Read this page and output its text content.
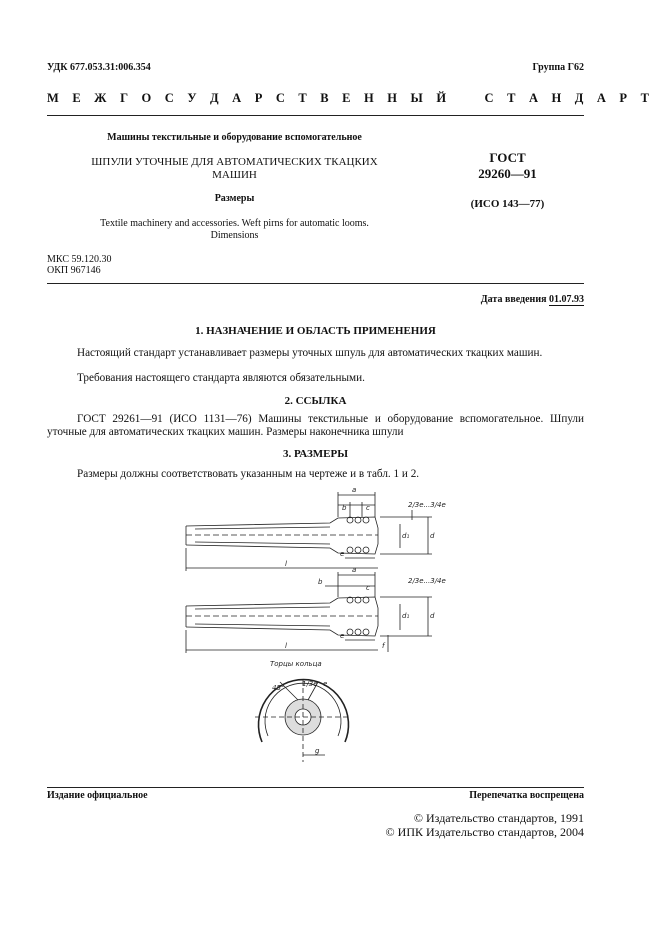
УДК 677.053.31:006.354	Группа Г62
М Е Ж Г О С У Д А Р С Т В Е Н Н Ы Й    С Т А Н Д А Р Т
Машины текстильные и оборудование вспомогательное
ШПУЛИ УТОЧНЫЕ ДЛЯ АВТОМАТИЧЕСКИХ ТКАЦКИХ
МАШИН
Размеры
Textile machinery and accessories. Weft pirns for automatic looms.
Dimensions
ГОСТ
29260—91
(ИСО 143—77)
МКС 59.120.30
ОКП 967146
Дата введения 01.07.93
1. НАЗНАЧЕНИЕ И ОБЛАСТЬ ПРИМЕНЕНИЯ
Настоящий стандарт устанавливает размеры уточных шпуль для автоматических ткацких машин.
Требования настоящего стандарта являются обязательными.
2. ССЫЛКА
ГОСТ 29261—91 (ИСО 1131—76) Машины текстильные и оборудование вспомогательное. Шпули уточные для автоматических ткацких машин. Размеры наконечника шпули
3. РАЗМЕРЫ
Размеры должны соответствовать указанным на чертеже и в табл. 1 и 2.
a
b	c	2/3e...3/4e
e
l
d₁	d
a
b
c
2/3e...3/4e
e
l
d₁	d
f
Торцы кольца
45°	1/3e e
g
Издание официальное	Перепечатка воспрещена
© Издательство стандартов, 1991
© ИПК Издательство стандартов, 2004
